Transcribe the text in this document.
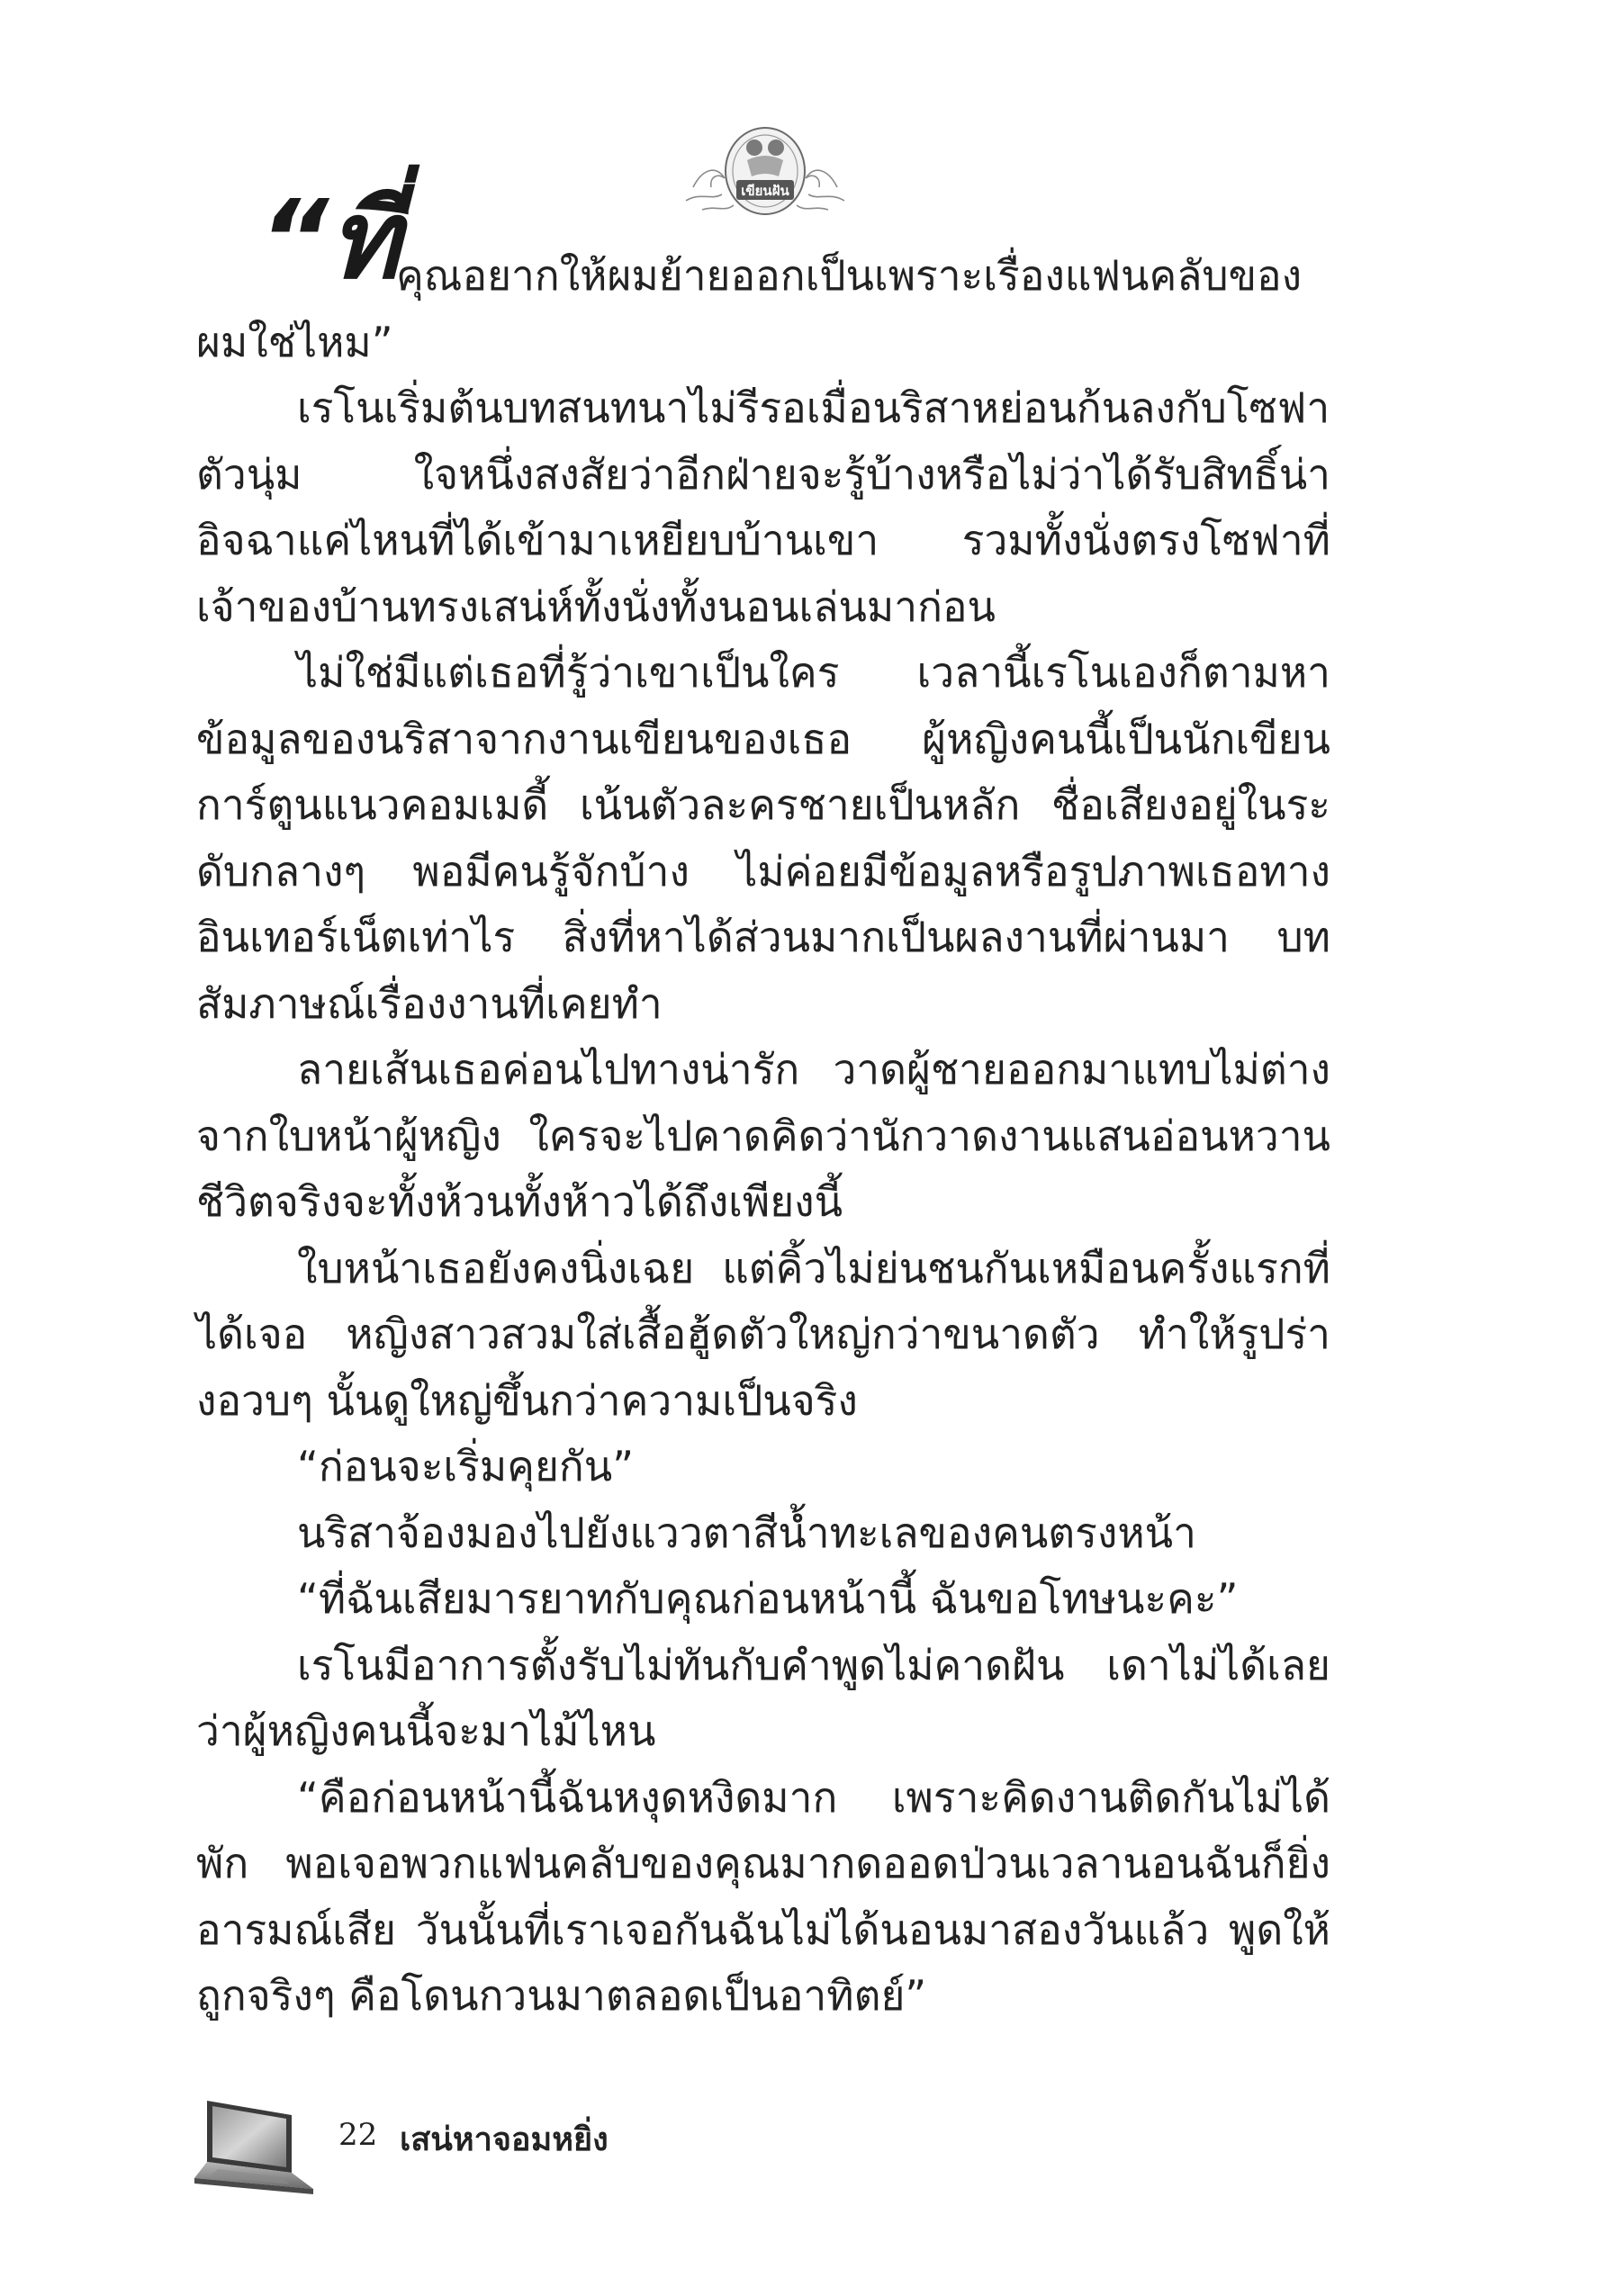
เขียนฝัน

“ที่
คุณอยากให้ผมย้ายออกเป็นเพราะเรื่องแฟนคลับของผมใช่ไหม”

เรโนเริ่มต้นบทสนทนาไม่รีรอเมื่อนริสาหย่อนก้นลงกับโซฟาตัวนุ่ม ใจหนึ่งสงสัยว่าอีกฝ่ายจะรู้บ้างหรือไม่ว่าได้รับสิทธิ์น่าอิจฉาแค่ไหนที่ได้เข้ามาเหยียบบ้านเขา รวมทั้งนั่งตรงโซฟาที่เจ้าของบ้านทรงเสน่ห์ทั้งนั่งทั้งนอนเล่นมาก่อน

ไม่ใช่มีแต่เธอที่รู้ว่าเขาเป็นใคร เวลานี้เรโนเองก็ตามหาข้อมูลของนริสาจากงานเขียนของเธอ ผู้หญิงคนนี้เป็นนักเขียนการ์ตูนแนวคอมเมดี้ เน้นตัวละครชายเป็นหลัก ชื่อเสียงอยู่ในระดับกลางๆ พอมีคนรู้จักบ้าง ไม่ค่อยมีข้อมูลหรือรูปภาพเธอทางอินเทอร์เน็ตเท่าไร สิ่งที่หาได้ส่วนมากเป็นผลงานที่ผ่านมา บทสัมภาษณ์เรื่องงานที่เคยทำ

ลายเส้นเธอค่อนไปทางน่ารัก วาดผู้ชายออกมาแทบไม่ต่างจากใบหน้าผู้หญิง ใครจะไปคาดคิดว่านักวาดงานแสนอ่อนหวาน ชีวิตจริงจะทั้งห้วนทั้งห้าวได้ถึงเพียงนี้

ใบหน้าเธอยังคงนิ่งเฉย แต่คิ้วไม่ย่นชนกันเหมือนครั้งแรกที่ได้เจอ หญิงสาวสวมใส่เสื้อฮู้ดตัวใหญ่กว่าขนาดตัว ทำให้รูปร่างอวบๆ นั้นดูใหญ่ขึ้นกว่าความเป็นจริง

“ก่อนจะเริ่มคุยกัน”

นริสาจ้องมองไปยังแววตาสีน้ำทะเลของคนตรงหน้า

“ที่ฉันเสียมารยาทกับคุณก่อนหน้านี้ ฉันขอโทษนะคะ”

เรโนมีอาการตั้งรับไม่ทันกับคำพูดไม่คาดฝัน เดาไม่ได้เลยว่าผู้หญิงคนนี้จะมาไม้ไหน

“คือก่อนหน้านี้ฉันหงุดหงิดมาก เพราะคิดงานติดกันไม่ได้พัก พอเจอพวกแฟนคลับของคุณมากดออดป่วนเวลานอนฉันก็ยิ่งอารมณ์เสีย วันนั้นที่เราเจอกันฉันไม่ได้นอนมาสองวันแล้ว พูดให้ถูกจริงๆ คือโดนกวนมาตลอดเป็นอาทิตย์”

22 เสน่หาจอมหยิ่ง
